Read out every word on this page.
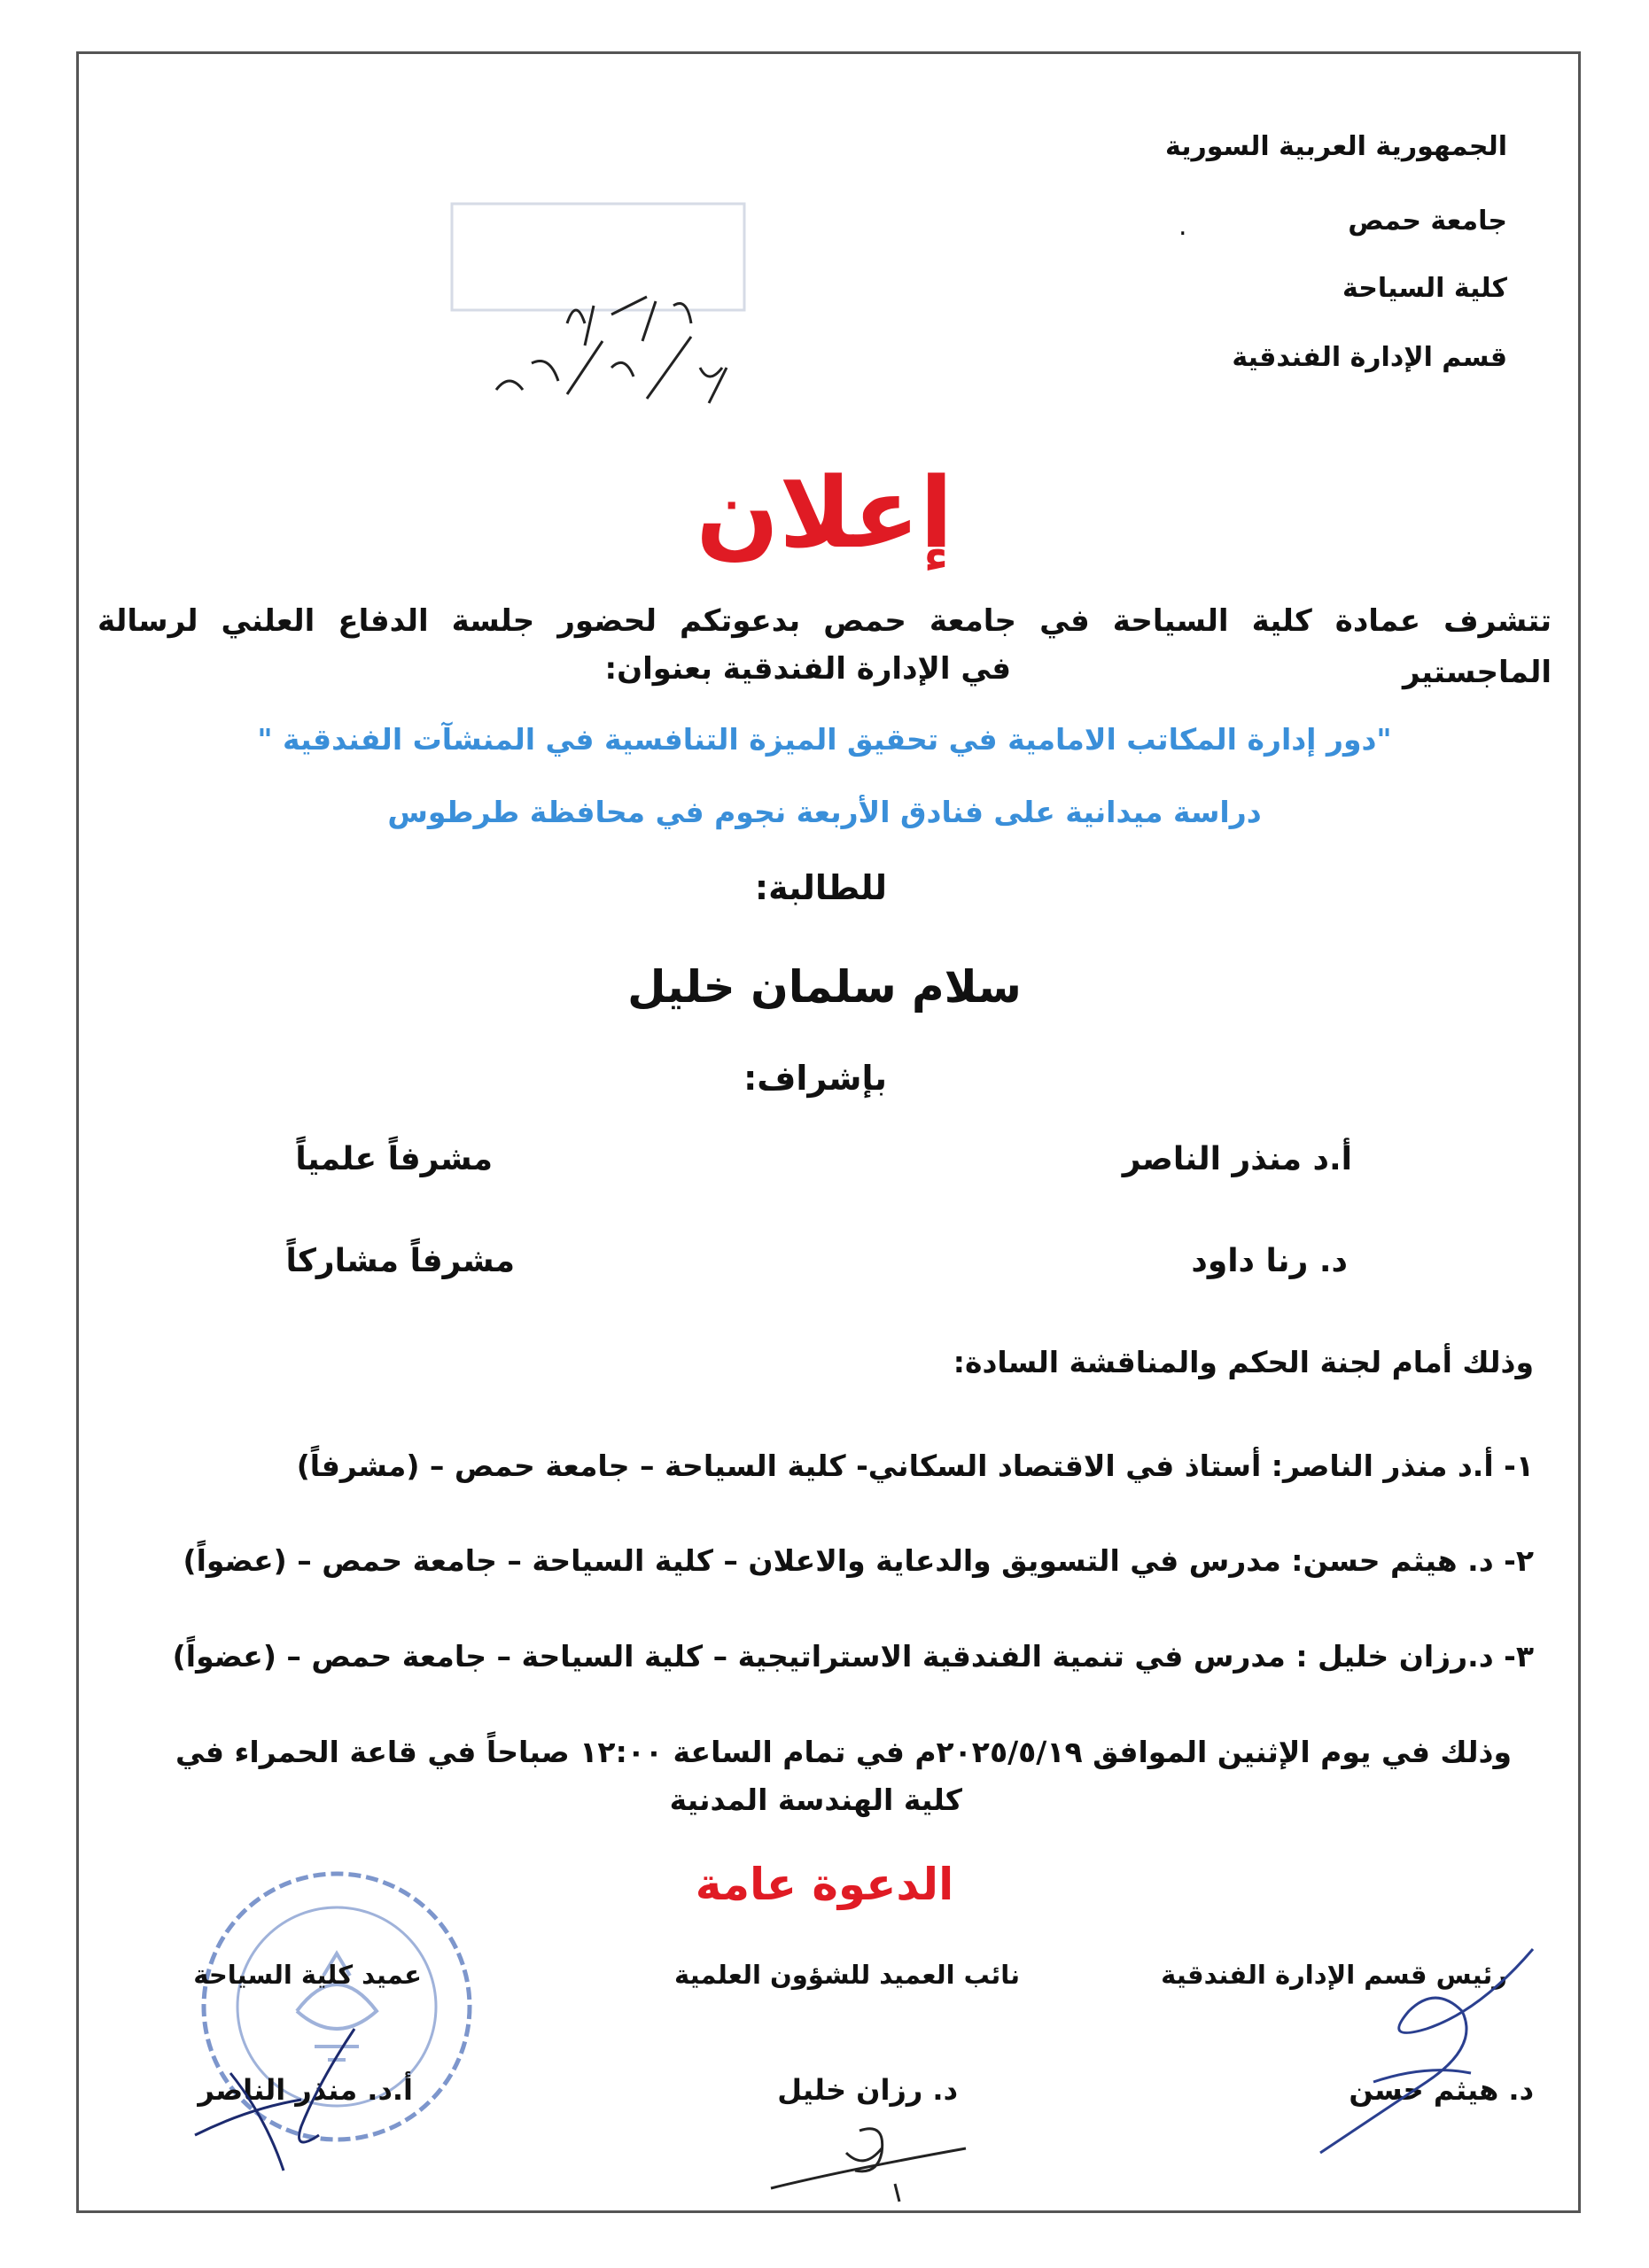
الجمهورية العربية السورية
جامعة حمص
كلية السياحة
قسم الإدارة الفندقية
.
إعلان
تتشرف عمادة كلية السياحة في جامعة حمص بدعوتكم لحضور جلسة الدفاع العلني لرسالة الماجستير
في الإدارة الفندقية بعنوان:
"دور إدارة المكاتب الامامية في تحقيق الميزة التنافسية في المنشآت الفندقية "
دراسة ميدانية على فنادق الأربعة نجوم في محافظة طرطوس
للطالبة:
سلام سلمان خليل
بإشراف:
أ.د منذر الناصر
مشرفاً علمياً
د. رنا داود
مشرفاً مشاركاً
وذلك أمام لجنة الحكم والمناقشة السادة:
١- أ.د منذر الناصر: أستاذ في الاقتصاد السكاني- كلية السياحة – جامعة حمص – (مشرفاً)
٢- د. هيثم حسن: مدرس في التسويق والدعاية والاعلان – كلية السياحة – جامعة حمص – (عضواً)
٣- د.رزان خليل : مدرس في تنمية الفندقية الاستراتيجية – كلية السياحة – جامعة حمص – (عضواً)
وذلك في يوم الإثنين الموافق ٢٠٢٥/٥/١٩م في تمام الساعة ١٢:٠٠ صباحاً في قاعة الحمراء في
كلية الهندسة المدنية
الدعوة عامة
رئيس قسم الإدارة الفندقية
نائب العميد للشؤون العلمية
عميد كلية السياحة
د. هيثم حسن
د. رزان خليل
أ.د. منذر الناصر
